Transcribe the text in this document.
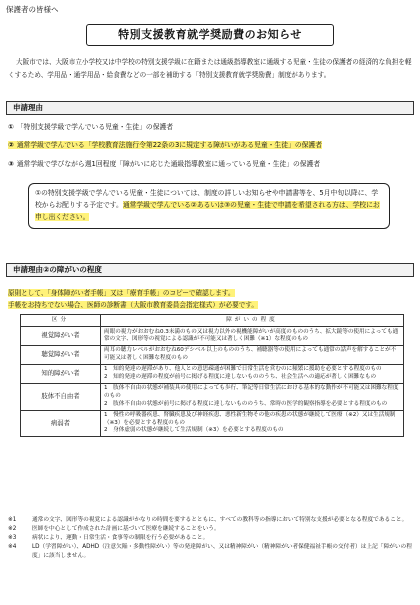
保護者の皆様へ
特別支援教育就学奨励費のお知らせ
大阪市では、大阪市立小学校又は中学校の特別支援学級に在籍または通級指導教室に通級する児童・生徒の保護者の経済的な負担を軽くするため、学用品・通学用品・給食費などの一部を補助する「特別支援教育就学奨励費」制度があります。
申請理由
① 「特別支援学級で学んでいる児童・生徒」の保護者
② 通常学級で学んでいる「学校教育法施行令第22条の3に規定する障がいがある児童・生徒」の保護者
③ 通常学級で学びながら週1回程度「障がいに応じた通級指導教室に通っている児童・生徒」の保護者
①の特別支援学級で学んでいる児童・生徒については、制度の詳しいお知らせや申請書等を、5月中旬以降に、学校からお配りする予定です。通常学級で学んでいる②あるいは③の児童・生徒で申請を希望される方は、学校にお申し出ください。
申請理由②の障がいの程度
原則として、「身体障がい者手帳」又は「療育手帳」のコピーで確認します。
手帳をお持ちでない場合、医師の診断書（大阪市教育委員会指定様式）が必要です。
区分	障がいの程度
視覚障がい者	両眼の視力がおおむね0.3未満のもの又は視力以外の視機能障がいが高度のもののうち、拡大鏡等の使用によっても通常の文字、図形等の視覚による認識が不可能又は著しく困難（※1）な程度のもの

聴覚障がい者	両耳の聴力レベルがおおむね60デシベル以上のもののうち、補聴器等の使用によっても通常の話声を解することが不可能又は著しく困難な程度のもの

知的障がい者	1　知的発達の遅滞があり、他人との意思疎通が困難で日常生活を営むのに頻繁に援助を必要とする程度のもの
2　知的発達の遅滞の程度が前号に掲げる程度に達しないもののうち、社会生活への適応が著しく困難なもの

肢体不自由者	1　肢体不自由の状態が補装具の使用によっても歩行、筆記等日常生活における基本的な動作が不可能又は困難な程度のもの
2　肢体不自由の状態が前号に掲げる程度に達しないもののうち、常時の医学的観察指導を必要とする程度のもの

病弱者	1　慢性の呼吸器疾患、腎臓疾患及び神経疾患、悪性新生物その他の疾患の状態が継続して医療（※2）又は生活規制（※3）を必要とする程度のもの
2　身体虚弱の状態が継続して生活規制（※3）を必要とする程度のもの
※1	通常の文字、図形等の視覚による認識がかなりの時間を要するとともに、すべての教科等の指導において特別な支援が必要となる程度であること。
※2	医師を中心として作成された計画に基づいて医療を継続することをいう。
※3	病状により、運動・日常生活・食事等の制限を行う必要があること。
※4	LD（学習障がい）、ADHD（注意欠陥・多動性障がい）等の発達障がい、又は精神障がい（精神障がい者保健福祉手帳の交付者）は上記「障がいの程度」に該当しません。
